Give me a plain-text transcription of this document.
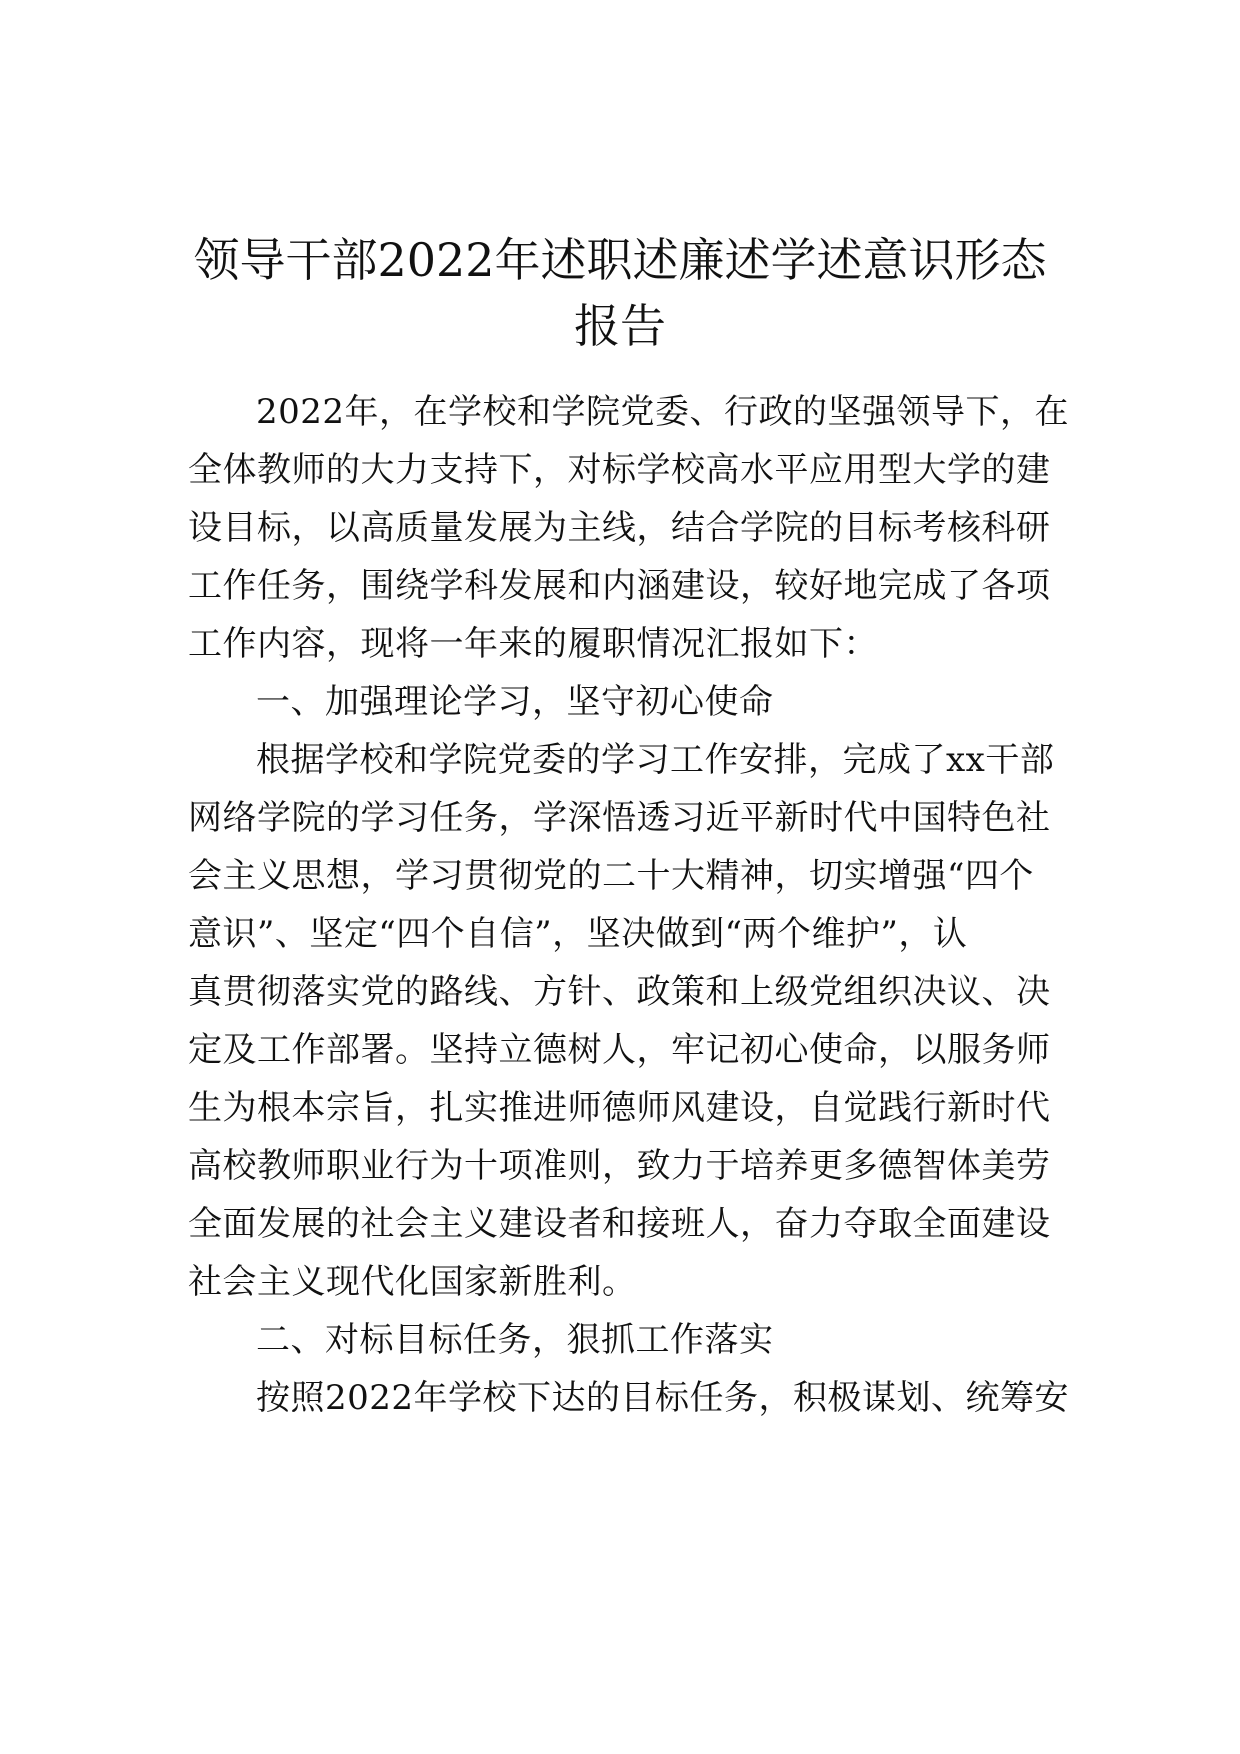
领导干部2022年述职述廉述学述意识形态
报告
2022年，在学校和学院党委、行政的坚强领导下，在
全体教师的大力支持下，对标学校高水平应用型大学的建
设目标，以高质量发展为主线，结合学院的目标考核科研
工作任务，围绕学科发展和内涵建设，较好地完成了各项
工作内容，现将一年来的履职情况汇报如下：
一、加强理论学习，坚守初心使命
根据学校和学院党委的学习工作安排，完成了xx干部
网络学院的学习任务，学深悟透习近平新时代中国特色社
会主义思想，学习贯彻党的二十大精神，切实增强“四个
意识”、坚定“四个自信”，坚决做到“两个维护”，认
真贯彻落实党的路线、方针、政策和上级党组织决议、决
定及工作部署。坚持立德树人，牢记初心使命，以服务师
生为根本宗旨，扎实推进师德师风建设，自觉践行新时代
高校教师职业行为十项准则，致力于培养更多德智体美劳
全面发展的社会主义建设者和接班人，奋力夺取全面建设
社会主义现代化国家新胜利。
二、对标目标任务，狠抓工作落实
按照2022年学校下达的目标任务，积极谋划、统筹安
